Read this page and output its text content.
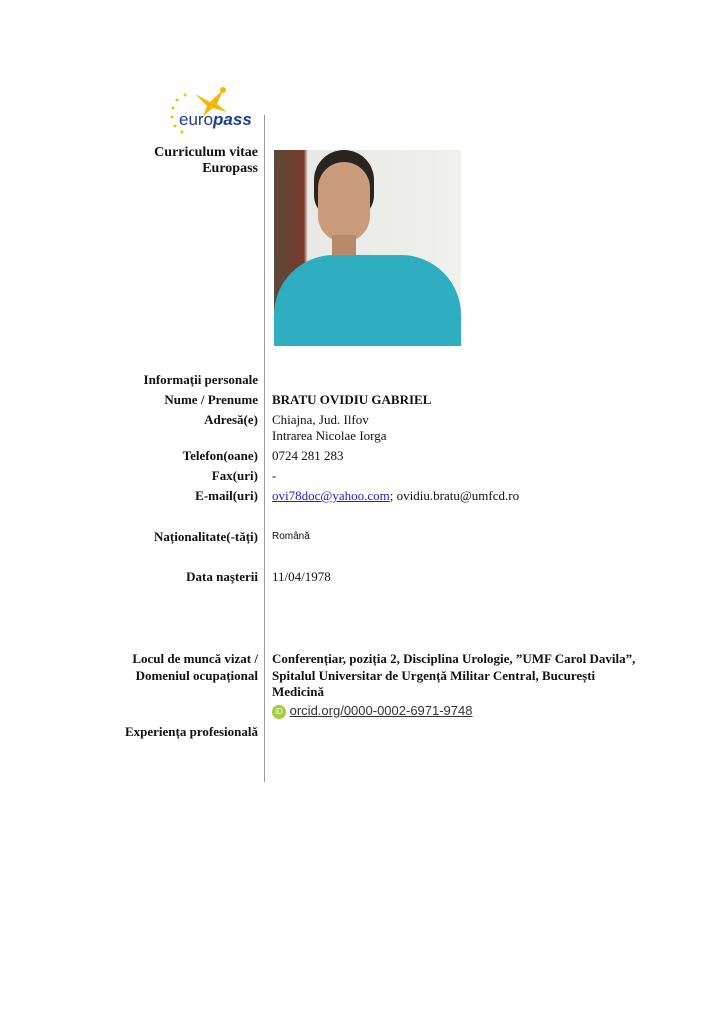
europass
Curriculum vitae
Europass
Informații personale
Nume / Prenume BRATU OVIDIU GABRIEL
Adresă(e) Chiajna, Jud. Ilfov
Intrarea Nicolae Iorga
Telefon(oane) 0724 281 283
Fax(uri) -
E-mail(uri) ovi78doc@yahoo.com; ovidiu.bratu@umfcd.ro
Naționalitate(-tăți) Română
Data naşterii 11/04/1978
Locul de muncă vizat /
Domeniul ocupațional
Conferențiar, poziția 2, Disciplina Urologie, ”UMF Carol Davila”,
Spitalul Universitar de Urgență Militar Central, București
Medicină
iD orcid.org/0000-0002-6971-9748
Experiența profesională
